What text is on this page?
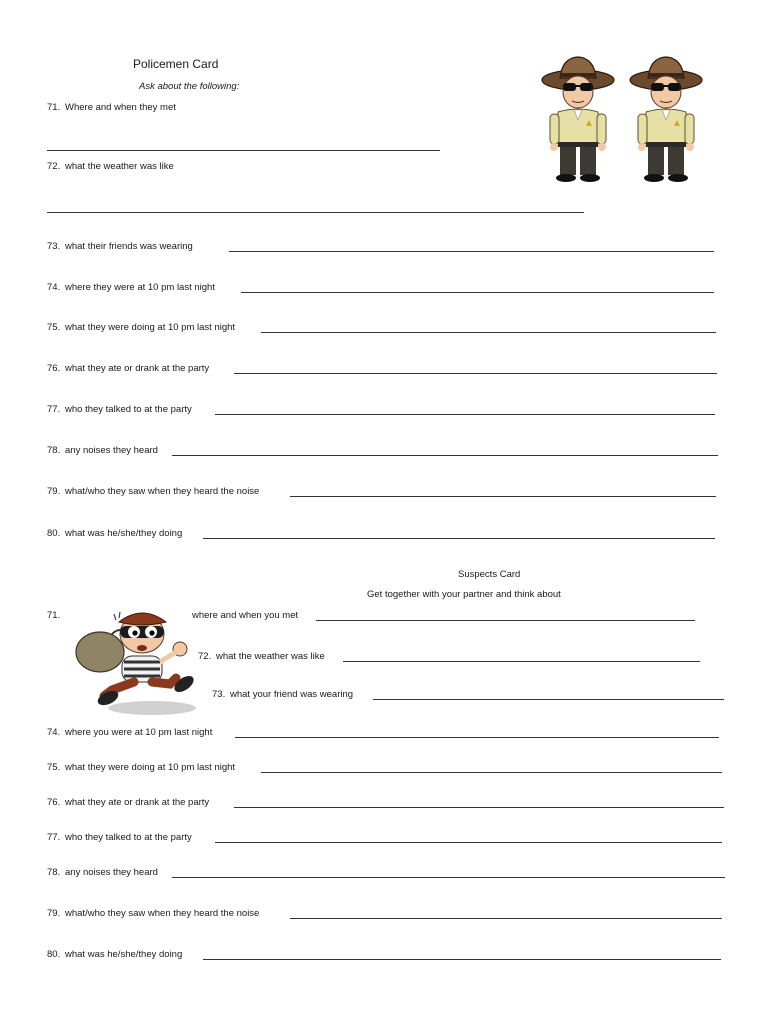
Policemen Card
Ask about the following:
71. Where and when they met
72. what the weather was like
73. what their friends was wearing
74. where they were at 10 pm last night
75. what they were doing at 10 pm last night
76. what they ate or drank at the party
77. who they talked to at the party
78. any noises they heard
79. what/who they saw when they heard the noise
80. what was he/she/they doing
Suspects Card
Get together with your partner and think about
71.	where and when you met
72. what the weather was like
73. what your friend was wearing
74. where you were at 10 pm last night
75. what they were doing at 10 pm last night
76. what they ate or drank at the party
77. who they talked to at the party
78. any noises they heard
79. what/who they saw when they heard the noise
80. what was he/she/they doing
